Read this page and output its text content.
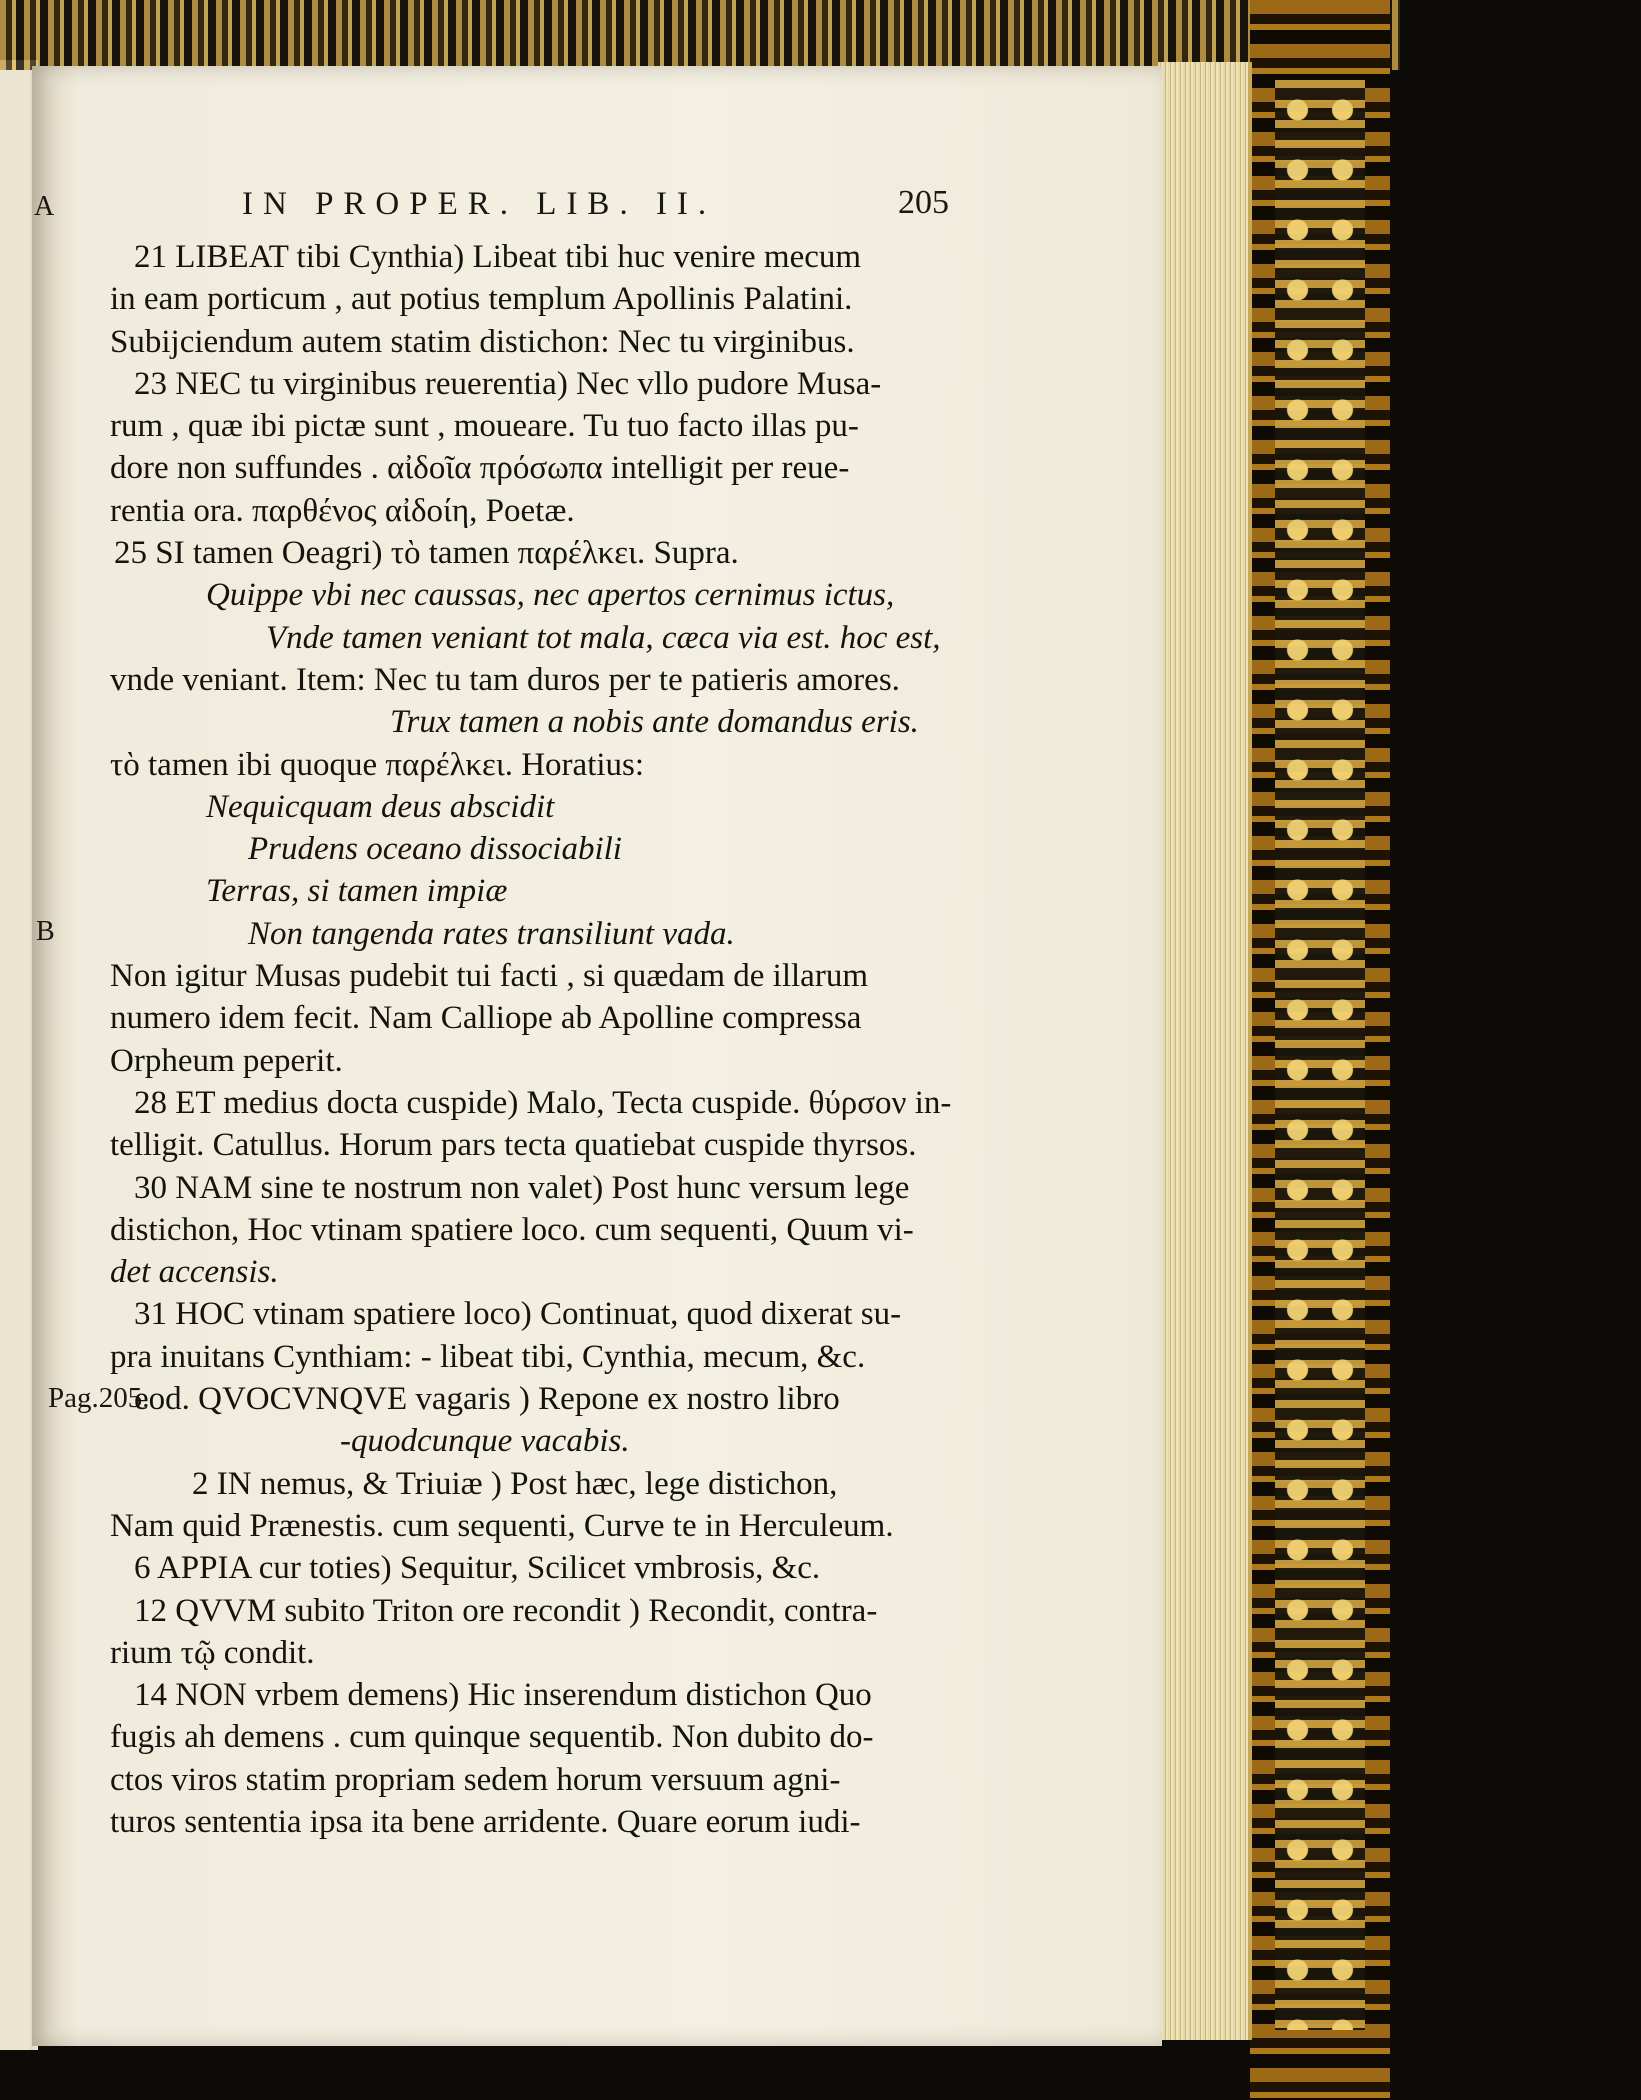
IN PROPER. LIB. II.	205
A
B
Pag.205.
21 LIBEAT tibi Cynthia) Libeat tibi huc venire mecum
in eam porticum , aut potius templum Apollinis Palatini.
Subijciendum autem statim distichon: Nec tu virginibus.
23 NEC tu virginibus reuerentia) Nec vllo pudore Musa-
rum , quæ ibi pictæ sunt , moueare. Tu tuo facto illas pu-
dore non suffundes . αἰδοῖα πρόσωπα intelligit per reue-
rentia ora. παρθένος αἰδοίη, Poetæ.
25 SI tamen Oeagri) τὸ tamen παρέλκει. Supra.
Quippe vbi nec caussas, nec apertos cernimus ictus,
Vnde tamen veniant tot mala, cæca via est. hoc est,
vnde veniant. Item: Nec tu tam duros per te patieris amores.
Trux tamen a nobis ante domandus eris.
τὸ tamen ibi quoque παρέλκει. Horatius:
Nequicquam deus abscidit
Prudens oceano dissociabili
Terras, si tamen impiæ
Non tangenda rates transiliunt vada.
Non igitur Musas pudebit tui facti , si quædam de illarum
numero idem fecit. Nam Calliope ab Apolline compressa
Orpheum peperit.
28 ET medius docta cuspide) Malo, Tecta cuspide. θύρσον in-
telligit. Catullus. Horum pars tecta quatiebat cuspide thyrsos.
30 NAM sine te nostrum non valet) Post hunc versum lege
distichon, Hoc vtinam spatiere loco. cum sequenti, Quum vi-
det accensis.
31 HOC vtinam spatiere loco) Continuat, quod dixerat su-
pra inuitans Cynthiam: - libeat tibi, Cynthia, mecum, &c.
eod. QVOCVNQVE vagaris ) Repone ex nostro libro
-quodcunque vacabis.
2 IN nemus, & Triuiæ ) Post hæc, lege distichon,
Nam quid Prænestis. cum sequenti, Curve te in Herculeum.
6 APPIA cur toties) Sequitur, Scilicet vmbrosis, &c.
12 QVVM subito Triton ore recondit ) Recondit, contra-
rium τῷ condit.
14 NON vrbem demens) Hic inserendum distichon Quo
fugis ah demens . cum quinque sequentib. Non dubito do-
ctos viros statim propriam sedem horum versuum agni-
turos sententia ipsa ita bene arridente. Quare eorum iudi-
